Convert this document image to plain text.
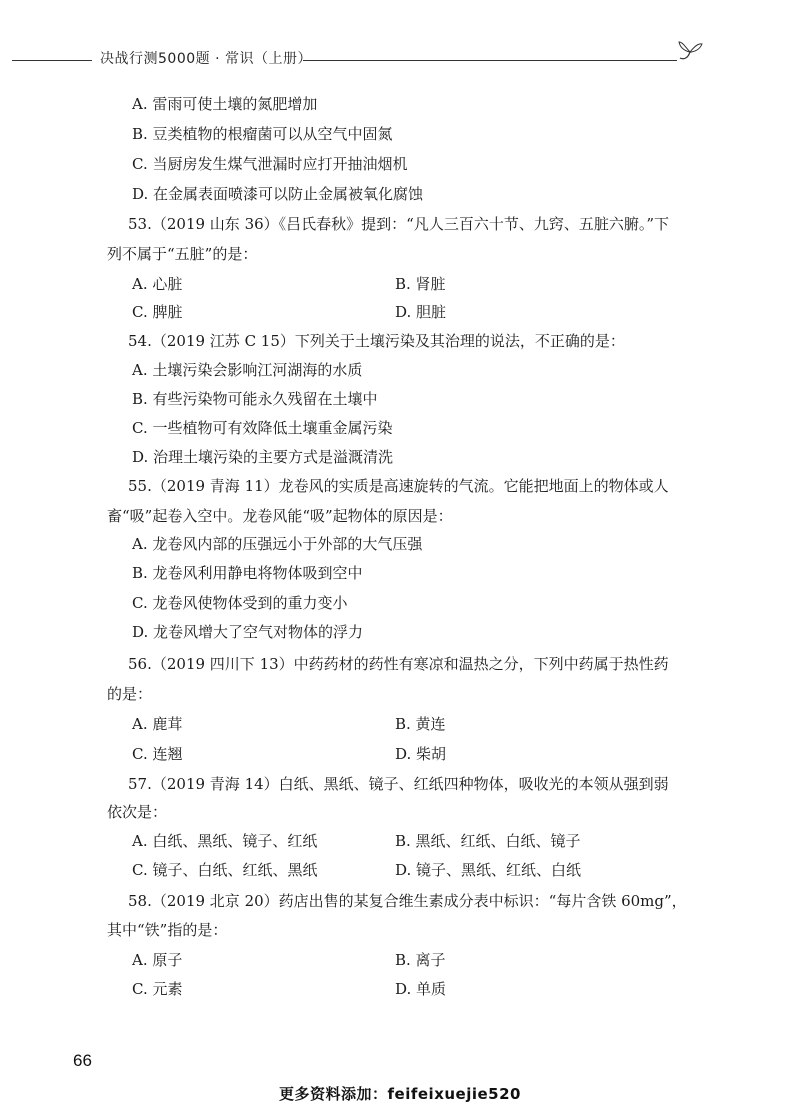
决战行测5000题 · 常识（上册）
A. 雷雨可使土壤的氮肥增加
B. 豆类植物的根瘤菌可以从空气中固氮
C. 当厨房发生煤气泄漏时应打开抽油烟机
D. 在金属表面喷漆可以防止金属被氧化腐蚀
53.（2019 山东 36）《吕氏春秋》提到：“凡人三百六十节、九窍、五脏六腑。”下
列不属于“五脏”的是：
A. 心脏	B. 肾脏
C. 脾脏	D. 胆脏
54.（2019 江苏 C 15）下列关于土壤污染及其治理的说法，不正确的是：
A. 土壤污染会影响江河湖海的水质
B. 有些污染物可能永久残留在土壤中
C. 一些植物可有效降低土壤重金属污染
D. 治理土壤污染的主要方式是溢溉清洗
55.（2019 青海 11）龙卷风的实质是高速旋转的气流。它能把地面上的物体或人
畜“吸”起卷入空中。龙卷风能“吸”起物体的原因是：
A. 龙卷风内部的压强远小于外部的大气压强
B. 龙卷风利用静电将物体吸到空中
C. 龙卷风使物体受到的重力变小
D. 龙卷风增大了空气对物体的浮力
56.（2019 四川下 13）中药药材的药性有寒凉和温热之分，下列中药属于热性药
的是：
A. 鹿茸	B. 黄连
C. 连翘	D. 柴胡
57.（2019 青海 14）白纸、黑纸、镜子、红纸四种物体，吸收光的本领从强到弱
依次是：
A. 白纸、黑纸、镜子、红纸	B. 黑纸、红纸、白纸、镜子
C. 镜子、白纸、红纸、黑纸	D. 镜子、黑纸、红纸、白纸
58.（2019 北京 20）药店出售的某复合维生素成分表中标识：“每片含铁 60mg”，
其中“铁”指的是：
A. 原子	B. 离子
C. 元素	D. 单质
66
更多资料添加：feifeixuejie520
